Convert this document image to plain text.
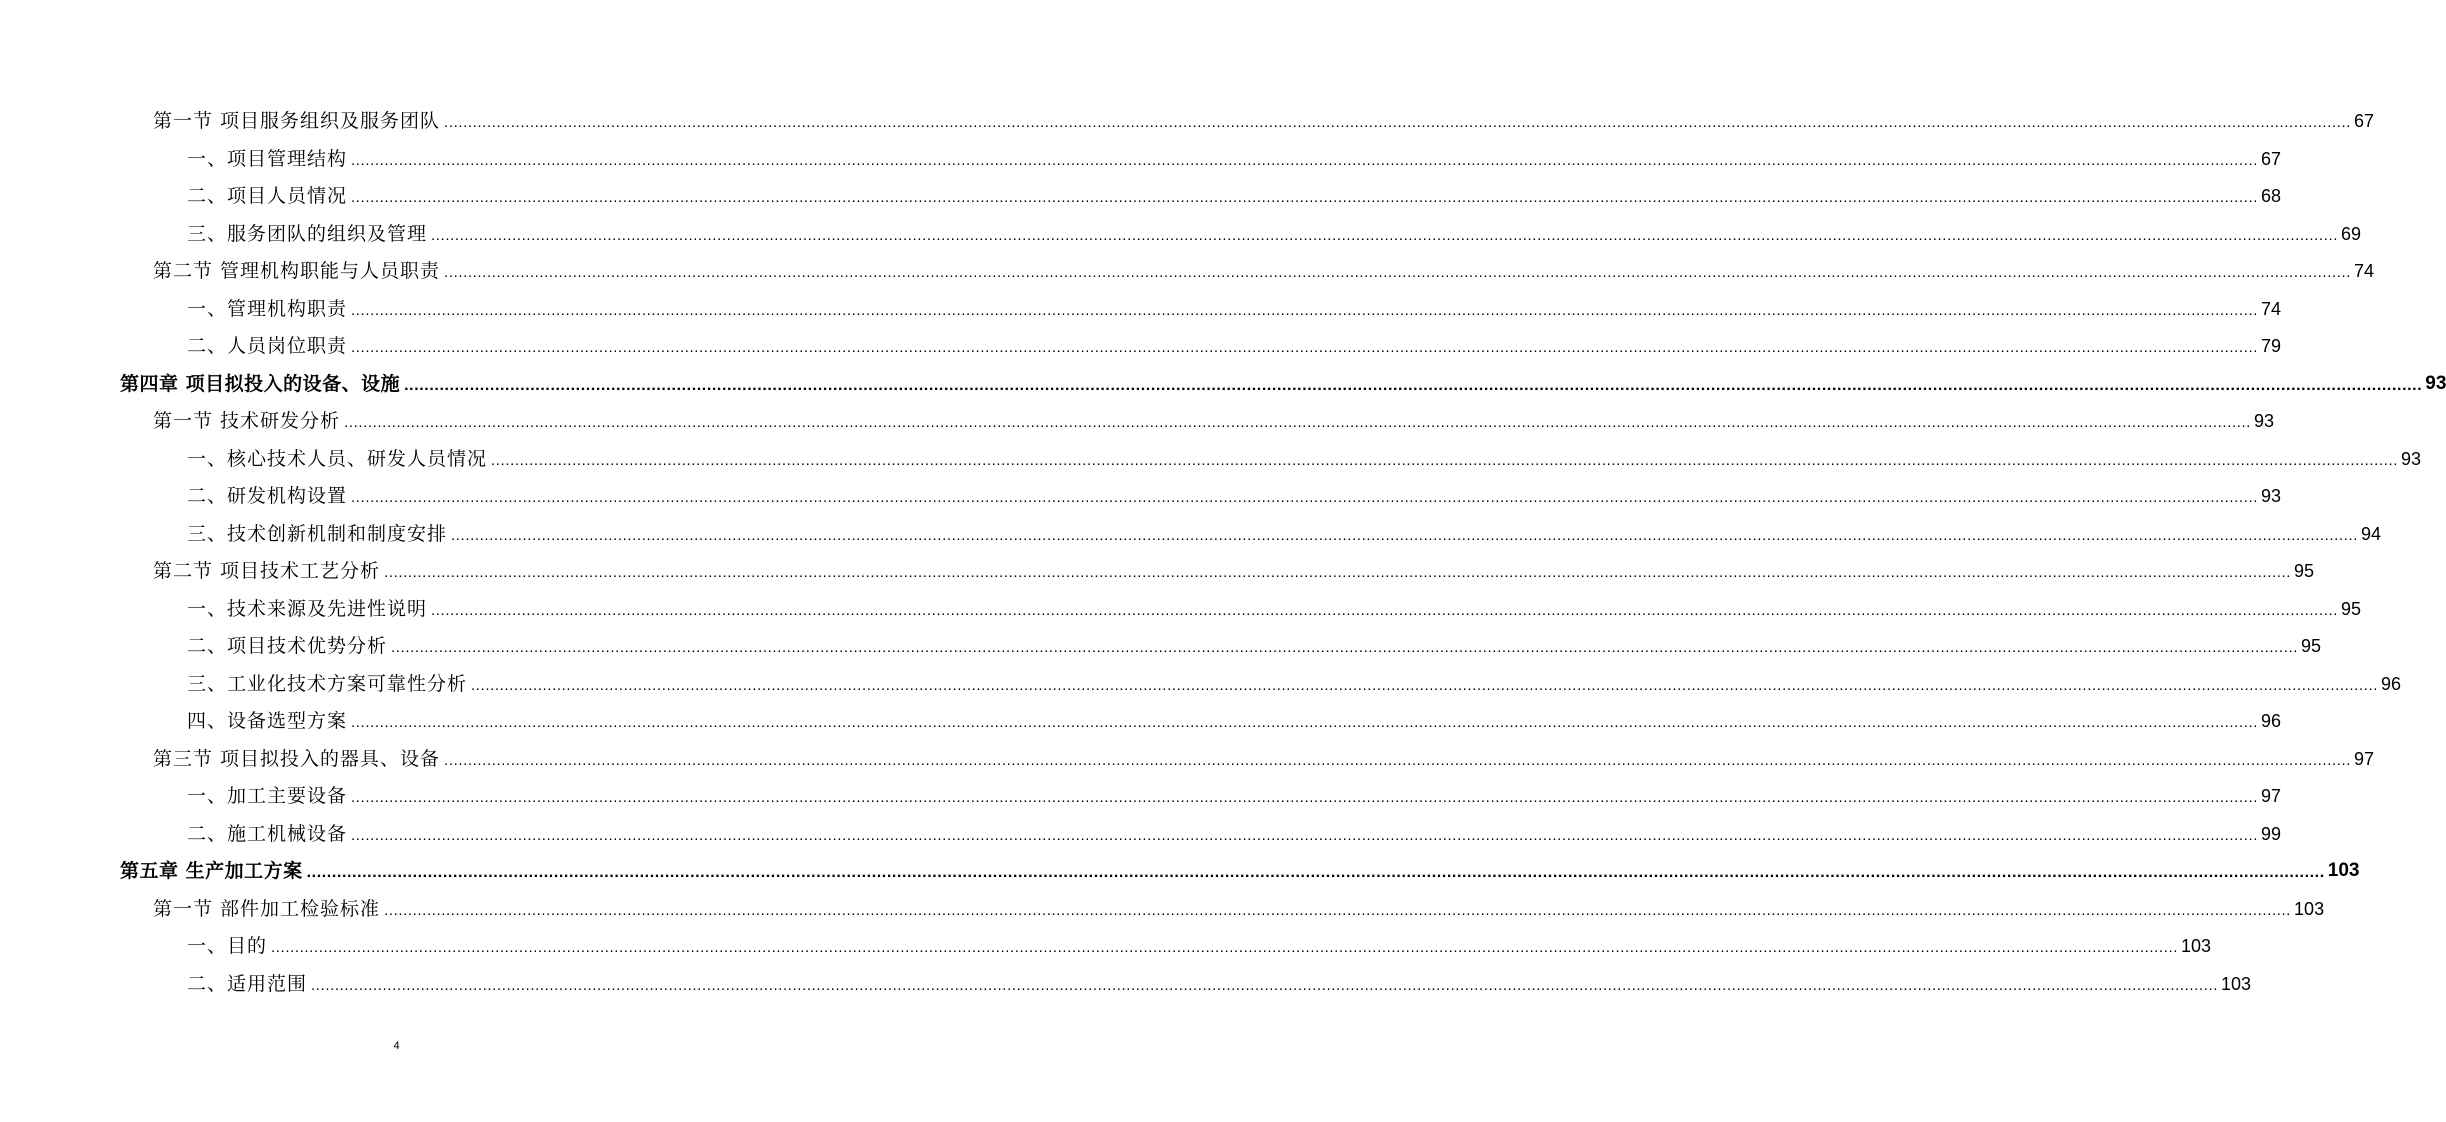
第一节 项目服务组织及服务团队 ................................................................................................................................................................................................................................................................................................................................................................................................................ 67
一、项目管理结构 ................................................................................................................................................................................................................................................................................................................................................................................................................ 67
二、项目人员情况 ................................................................................................................................................................................................................................................................................................................................................................................................................ 68
三、服务团队的组织及管理 ................................................................................................................................................................................................................................................................................................................................................................................................................ 69
第二节 管理机构职能与人员职责 ................................................................................................................................................................................................................................................................................................................................................................................................................ 74
一、管理机构职责 ................................................................................................................................................................................................................................................................................................................................................................................................................ 74
二、人员岗位职责 ................................................................................................................................................................................................................................................................................................................................................................................................................ 79
第四章 项目拟投入的设备、设施 ................................................................................................................................................................................................................................................................................................................................................................................................................ 93
第一节 技术研发分析 ................................................................................................................................................................................................................................................................................................................................................................................................................ 93
一、核心技术人员、研发人员情况 ................................................................................................................................................................................................................................................................................................................................................................................................................ 93
二、研发机构设置 ................................................................................................................................................................................................................................................................................................................................................................................................................ 93
三、技术创新机制和制度安排 ................................................................................................................................................................................................................................................................................................................................................................................................................ 94
第二节 项目技术工艺分析 ................................................................................................................................................................................................................................................................................................................................................................................................................ 95
一、技术来源及先进性说明 ................................................................................................................................................................................................................................................................................................................................................................................................................ 95
二、项目技术优势分析 ................................................................................................................................................................................................................................................................................................................................................................................................................ 95
三、工业化技术方案可靠性分析 ................................................................................................................................................................................................................................................................................................................................................................................................................ 96
四、设备选型方案 ................................................................................................................................................................................................................................................................................................................................................................................................................ 96
第三节 项目拟投入的器具、设备 ................................................................................................................................................................................................................................................................................................................................................................................................................ 97
一、加工主要设备 ................................................................................................................................................................................................................................................................................................................................................................................................................ 97
二、施工机械设备 ................................................................................................................................................................................................................................................................................................................................................................................................................ 99
第五章 生产加工方案 ................................................................................................................................................................................................................................................................................................................................................................................................................ 103
第一节 部件加工检验标准 ................................................................................................................................................................................................................................................................................................................................................................................................................ 103
一、目的 ................................................................................................................................................................................................................................................................................................................................................................................................................ 103
二、适用范围 ................................................................................................................................................................................................................................................................................................................................................................................................................ 103
4
